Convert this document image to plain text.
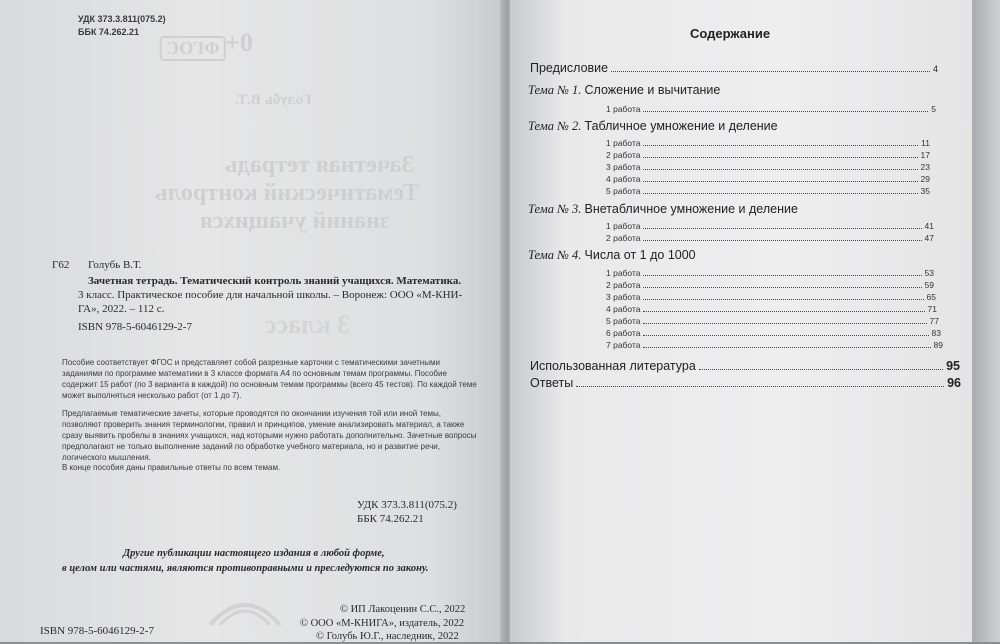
0+
ФГОС
Голубь В.Т.
Зачетная тетрадь
Тематический контроль
знаний учащихся
3 класс
УДК 373.3.811(075.2)
ББК 74.262.21
Г62 Голубь В.Т.
Зачетная тетрадь. Тематический контроль знаний учащихся. Математика.
3 класс. Практическое пособие для начальной школы. – Воронеж: ООО «М-КНИ-
ГА», 2022. – 112 с.
ISBN 978-5-6046129-2-7
Пособие соответствует ФГОС и представляет собой разрезные карточки с тематическими зачетными заданиями по программе математики в 3 классе формата А4 по основным темам программы. Пособие содержит 15 работ (по 3 варианта в каждой) по основным темам программы (всего 45 тестов). По каждой теме может выполняться несколько работ (от 1 до 7).
Предлагаемые тематические зачеты, которые проводятся по окончании изучения той или иной темы, позволяют проверить знания терминологии, правил и принципов, умение анализировать материал, а также сразу выявить пробелы в знаниях учащихся, над которыми нужно работать дополнительно. Зачетные вопросы предполагают не только выполнение заданий по обработке учебного материала, но и развитие речи, логического мышления.
В конце пособия даны правильные ответы по всем темам.
УДК 373.3.811(075.2)
ББК 74.262.21
Другие публикации настоящего издания в любой форме,
в целом или частями, являются противоправными и преследуются по закону.
© ИП Лакоценин С.С., 2022
© ООО «М-КНИГА», издатель, 2022
© Голубь Ю.Г., наследник, 2022
ISBN 978-5-6046129-2-7
Содержание
Предисловие	4
Тема № 1. Сложение и вычитание
1 работа	5
Тема № 2. Табличное умножение и деление
1 работа	11
2 работа	17
3 работа	23
4 работа	29
5 работа	35
Тема № 3. Внетабличное умножение и деление
1 работа	41
2 работа	47
Тема № 4. Числа от 1 до 1000
1 работа	53
2 работа	59
3 работа	65
4 работа	71
5 работа	77
6 работа	83
7 работа	89
Использованная литература	95
Ответы	96
